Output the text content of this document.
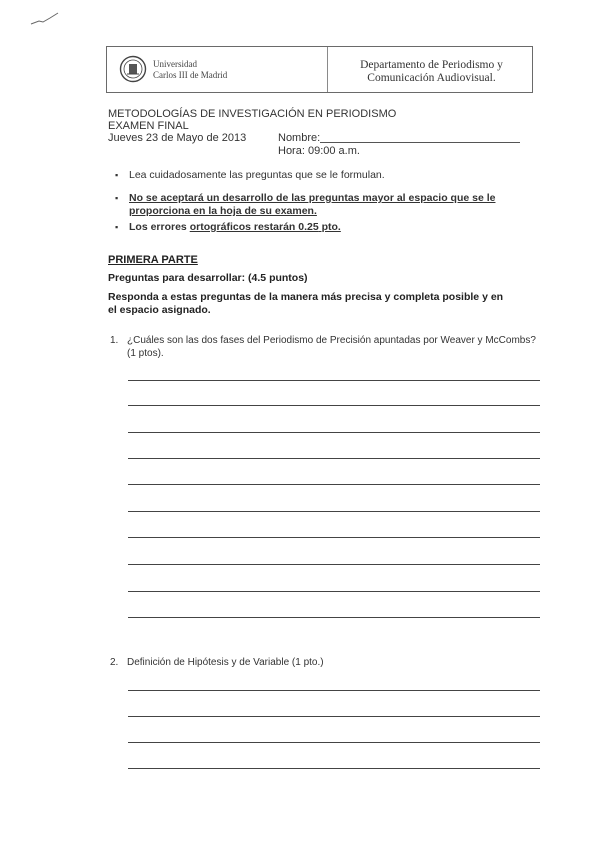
Universidad
Carlos III de Madrid
Departamento de Periodismo y
Comunicación Audiovisual.
METODOLOGÍAS DE INVESTIGACIÓN EN PERIODISMO
EXAMEN FINAL
Jueves 23 de Mayo de 2013	Nombre:
Hora: 09:00 a.m.
▪ Lea cuidadosamente las preguntas que se le formulan.
▪ No se aceptará un desarrollo de las preguntas mayor al espacio que se le proporciona en la hoja de su examen.
▪ Los errores ortográficos restarán 0.25 pto.
PRIMERA PARTE
Preguntas para desarrollar: (4.5 puntos)
Responda a estas preguntas de la manera más precisa y completa posible y en el espacio asignado.
1. ¿Cuáles son las dos fases del Periodismo de Precisión apuntadas por Weaver y McCombs? (1 ptos).
2. Definición de Hipótesis y de Variable (1 pto.)
